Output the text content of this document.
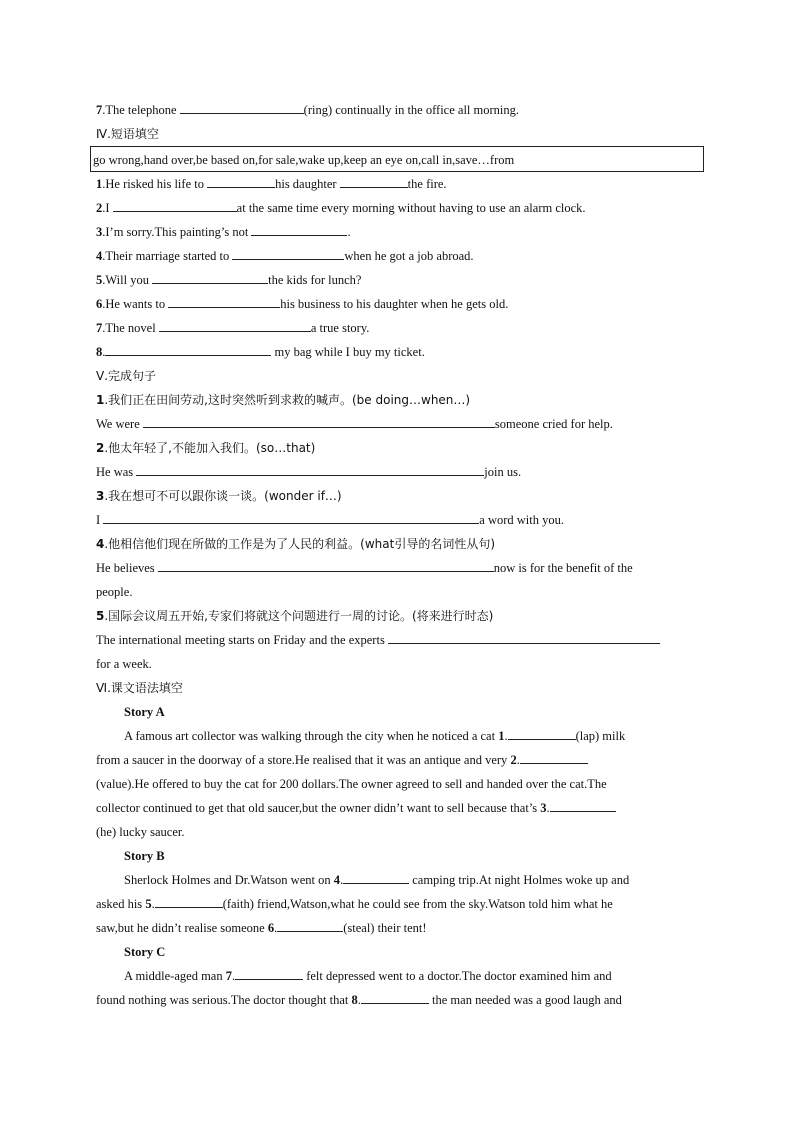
7.The telephone	(ring) continually in the office all morning.
Ⅳ.短语填空
go wrong,hand over,be based on,for sale,wake up,keep an eye on,call in,save…from
1.He risked his life to	his daughter	the fire.
2.I	at the same time every morning without having to use an alarm clock.
3.I’m sorry.This painting’s not	.
4.Their marriage started to	when he got a job abroad.
5.Will you	the kids for lunch?
6.He wants to	his business to his daughter when he gets old.
7.The novel	a true story.
8.	my bag while I buy my ticket.
Ⅴ.完成句子
1.我们正在田间劳动,这时突然听到求救的喊声。(be doing…when…)
We were	someone cried for help.
2.他太年轻了,不能加入我们。(so…that)
He was	join us.
3.我在想可不可以跟你谈一谈。(wonder if…)
I	a word with you.
4.他相信他们现在所做的工作是为了人民的利益。(what引导的名词性从句)
He believes	now is for the benefit of the
people.
5.国际会议周五开始,专家们将就这个问题进行一周的讨论。(将来进行时态)
The international meeting starts on Friday and the experts
for a week.
Ⅵ.课文语法填空
Story A
A famous art collector was walking through the city when he noticed a cat 1.	(lap) milk
from a saucer in the doorway of a store.He realised that it was an antique and very 2.
(value).He offered to buy the cat for 200 dollars.The owner agreed to sell and handed over the cat.The
collector continued to get that old saucer,but the owner didn’t want to sell because that’s 3.
(he) lucky saucer.
Story B
Sherlock Holmes and Dr.Watson went on 4.	camping trip.At night Holmes woke up and
asked his 5.	(faith) friend,Watson,what he could see from the sky.Watson told him what he
saw,but he didn’t realise someone 6.	(steal) their tent!
Story C
A middle-aged man 7.	felt depressed went to a doctor.The doctor examined him and
found nothing was serious.The doctor thought that 8.	the man needed was a good laugh and
